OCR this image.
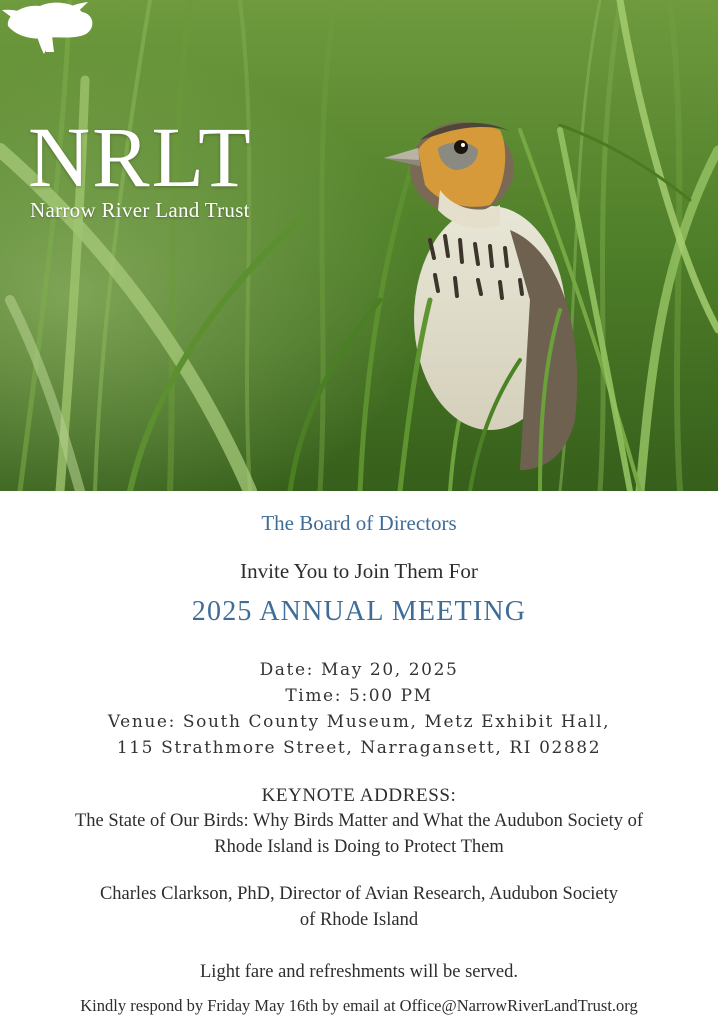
NRLT
Narrow River Land Trust
The Board of Directors
Invite You to Join Them For
2025 ANNUAL MEETING
Date: May 20, 2025
Time: 5:00 PM
Venue: South County Museum, Metz Exhibit Hall,
115 Strathmore Street, Narragansett, RI 02882
KEYNOTE ADDRESS:
The State of Our Birds: Why Birds Matter and What the Audubon Society of
Rhode Island is Doing to Protect Them
Charles Clarkson, PhD, Director of Avian Research, Audubon Society
of Rhode Island
Light fare and refreshments will be served.
Kindly respond by Friday May 16th by email at Office@NarrowRiverLandTrust.org
